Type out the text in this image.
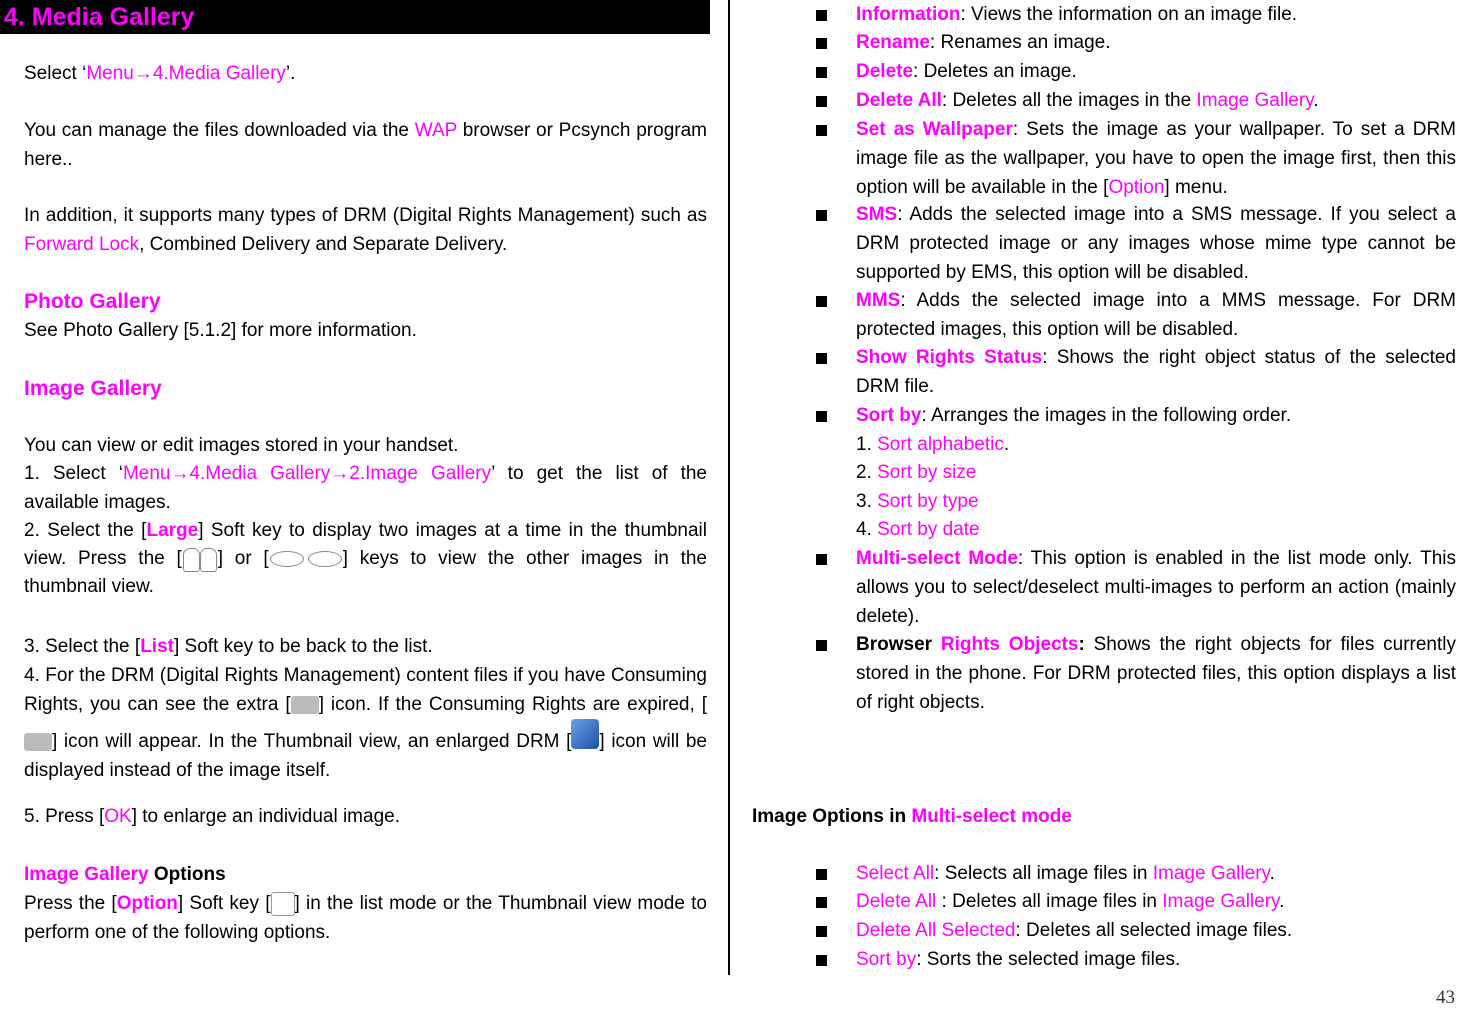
4. Media Gallery
Select ‘Menu→4.Media Gallery’.
You can manage the files downloaded via the WAP browser or Pcsynch program here..
In addition, it supports many types of DRM (Digital Rights Management) such as Forward Lock, Combined Delivery and Separate Delivery.
Photo Gallery
See Photo Gallery [5.1.2] for more information.
Image Gallery
You can view or edit images stored in your handset.
1. Select ‘Menu→4.Media Gallery→2.Image Gallery’ to get the list of the available images.
2. Select the [Large] Soft key to display two images at a time in the thumbnail view. Press the [ ] or [	] keys to view the other images in the thumbnail view.
3. Select the [List] Soft key to be back to the list.
4. For the DRM (Digital Rights Management) content files if you have Consuming Rights, you can see the extra [ ] icon. If the Consuming Rights are expired, [] icon will appear. In the Thumbnail view, an enlarged DRM [ ] icon will be displayed instead of the image itself.
5. Press [OK] to enlarge an individual image.
Image Gallery Options
Press the [Option] Soft key [ ] in the list mode or the Thumbnail view mode to perform one of the following options.
Information: Views the information on an image file.
Rename: Renames an image.
Delete: Deletes an image.
Delete All: Deletes all the images in the Image Gallery.
Set as Wallpaper: Sets the image as your wallpaper. To set a DRM image file as the wallpaper, you have to open the image first, then this option will be available in the [Option] menu.
SMS: Adds the selected image into a SMS message. If you select a DRM protected image or any images whose mime type cannot be supported by EMS, this option will be disabled.
MMS: Adds the selected image into a MMS message. For DRM protected images, this option will be disabled.
Show Rights Status: Shows the right object status of the selected DRM file.
Sort by: Arranges the images in the following order.
1. Sort alphabetic.
2. Sort by size
3. Sort by type
4. Sort by date
Multi-select Mode: This option is enabled in the list mode only. This allows you to select/deselect multi-images to perform an action (mainly delete).
Browser Rights Objects: Shows the right objects for files currently stored in the phone. For DRM protected files, this option displays a list of right objects.
Image Options in Multi-select mode
Select All: Selects all image files in Image Gallery.
Delete All : Deletes all image files in Image Gallery.
Delete All Selected: Deletes all selected image files.
Sort by: Sorts the selected image files.
43
